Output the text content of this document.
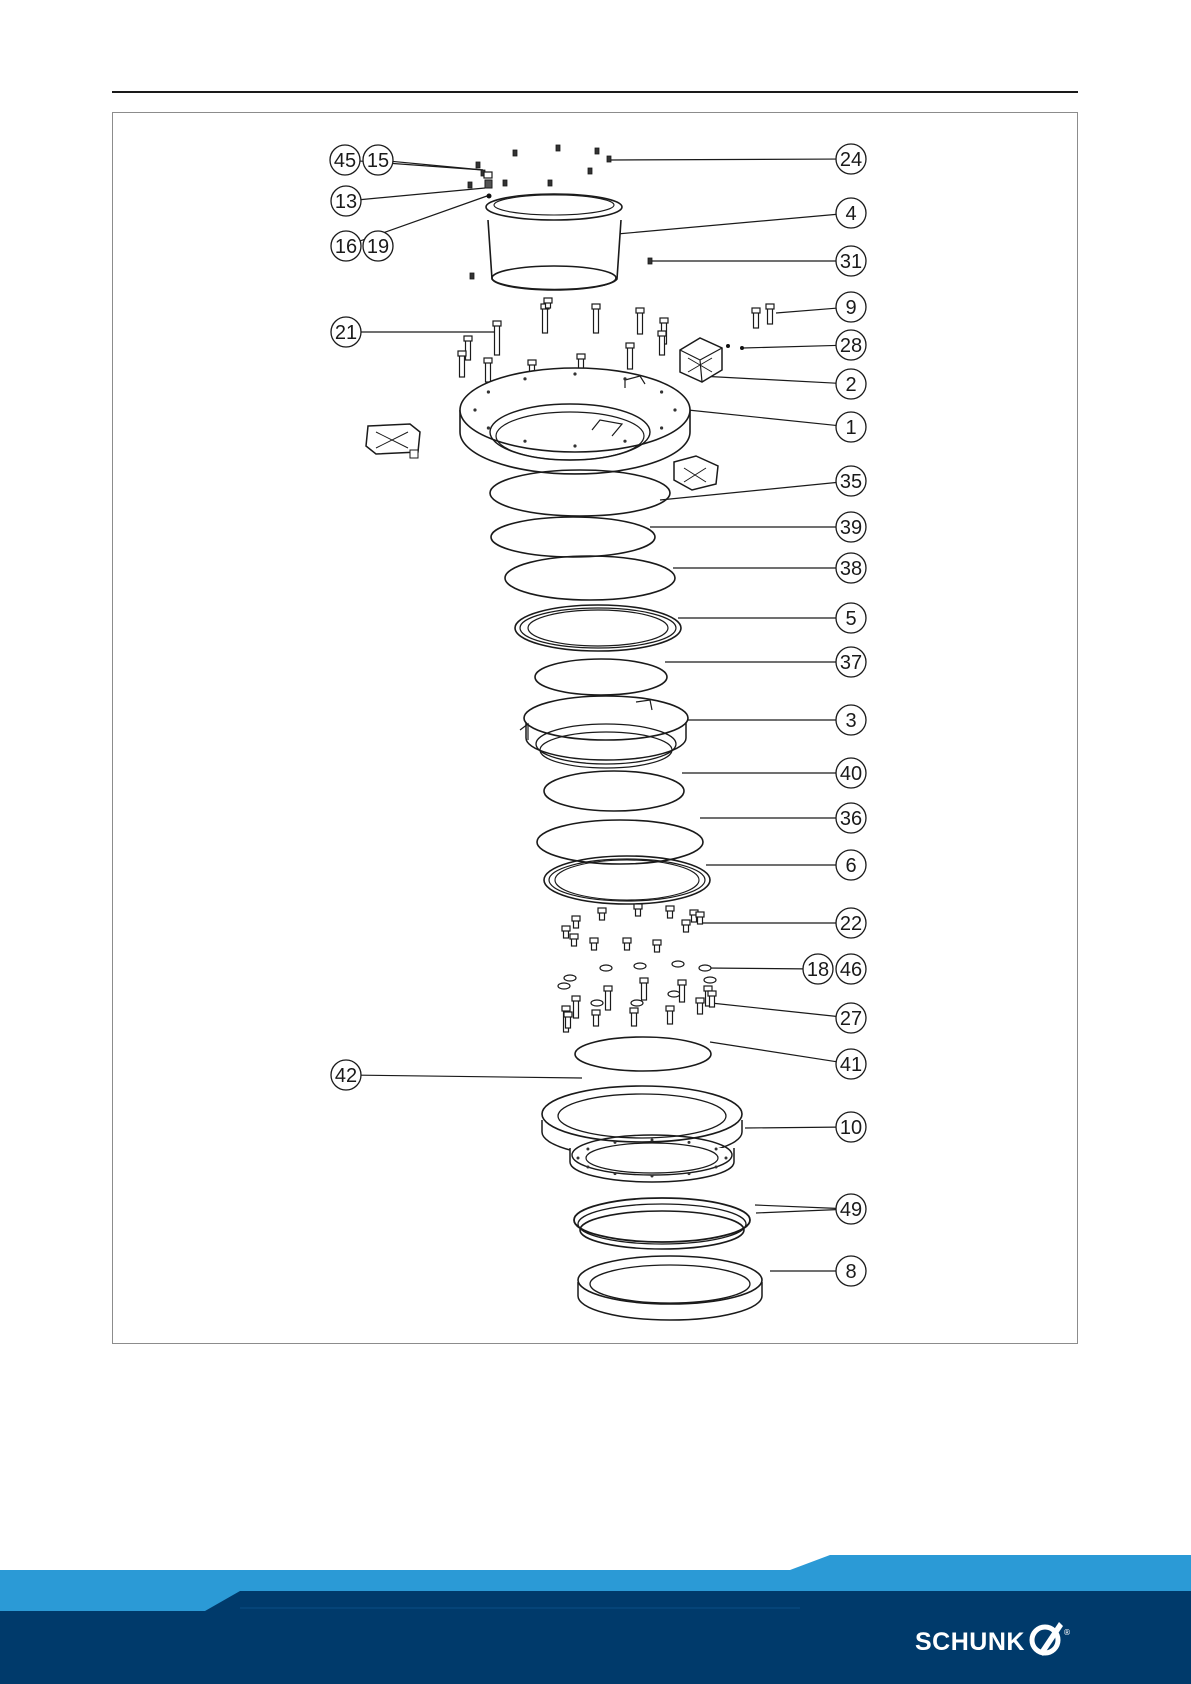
45 15
13
16 19
21
42
24
4
31
9
28
2
1
35
39
38
5
37
3
40
36
6
22
18 46
27
41
10
49
8
SCHUNK	®
